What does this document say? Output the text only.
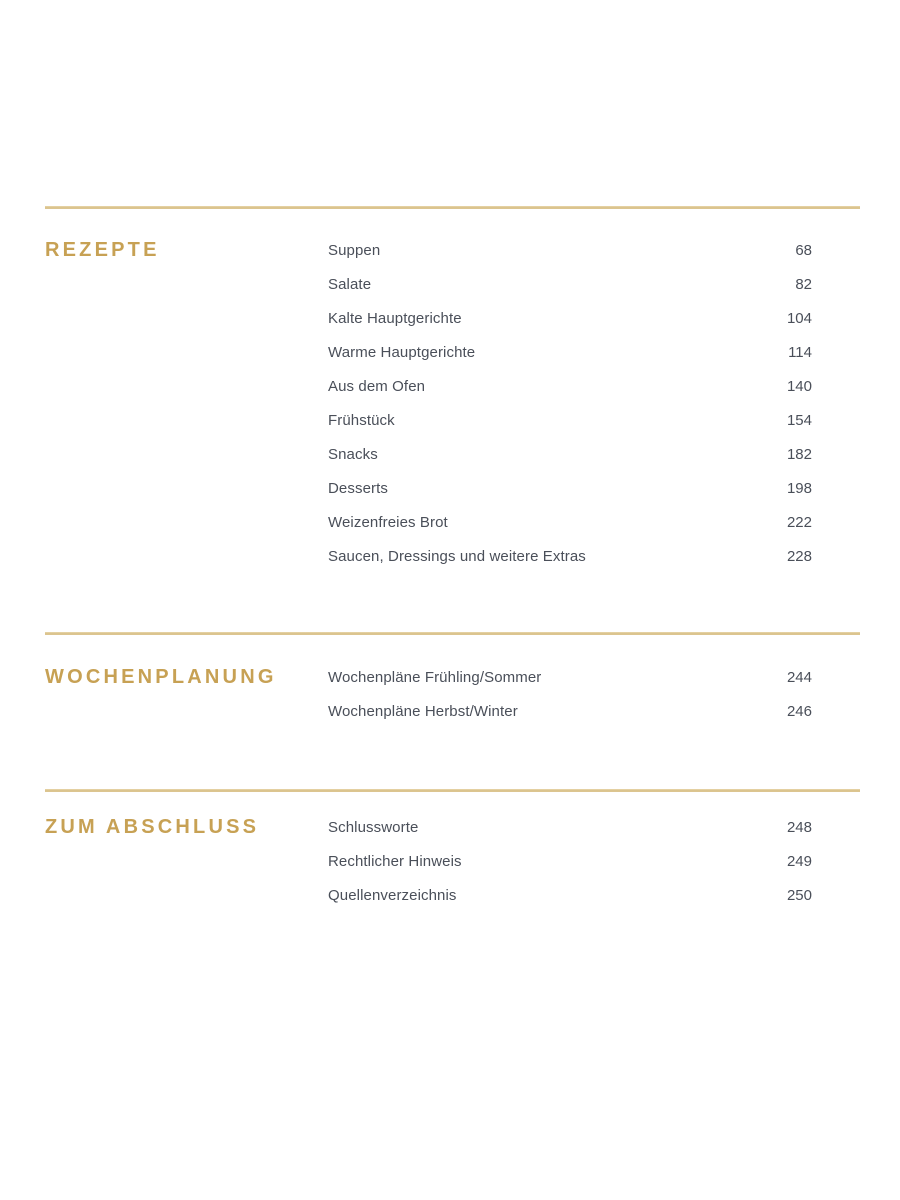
REZEPTE	Suppen	68
Salate	82
Kalte Hauptgerichte	104
Warme Hauptgerichte	114
Aus dem Ofen	140
Frühstück	154
Snacks	182
Desserts	198
Weizenfreies Brot	222
Saucen, Dressings und weitere Extras	228
WOCHENPLANUNG	Wochenpläne Frühling/Sommer	244
Wochenpläne Herbst/Winter	246
ZUM ABSCHLUSS	Schlussworte	248
Rechtlicher Hinweis	249
Quellenverzeichnis	250
